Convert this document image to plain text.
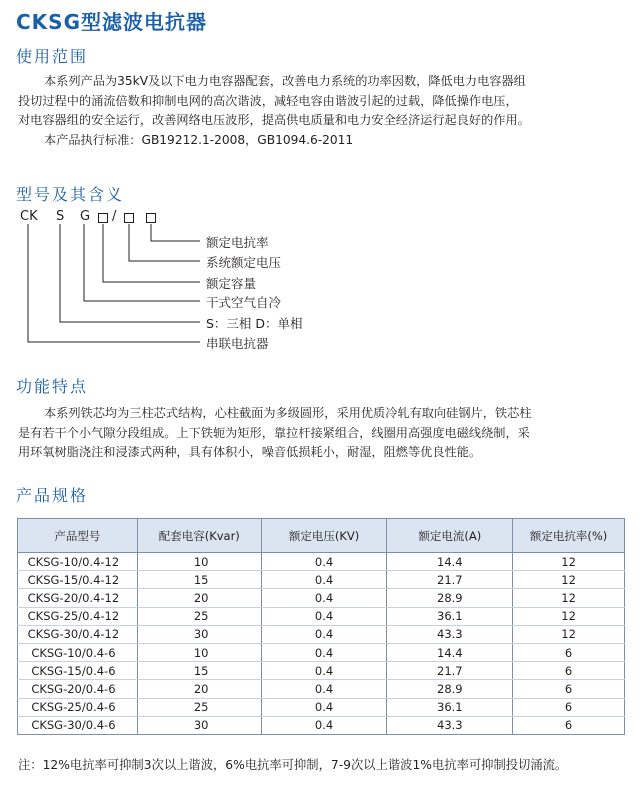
CKSG型滤波电抗器
使用范围

本系列产品为35kV及以下电力电容器配套，改善电力系统的功率因数，降低电力电容器组

投切过程中的涌流倍数和抑制电网的高次谐波，减轻电容由谐波引起的过载，降低操作电压，

对电容器组的安全运行，改善网络电压波形，提高供电质量和电力安全经济运行起良好的作用。

本产品执行标准：GB19212.1-2008，GB1094.6-2011

型号及其含义
CK S G /
额定电抗率
系统额定电压
额定容量
干式空气自冷
S：三相 D：单相
串联电抗器
功能特点

本系列铁芯均为三柱芯式结构，心柱截面为多级圆形，采用优质冷轧有取向硅钢片，铁芯柱

是有若干个小气隙分段组成。上下铁轭为矩形，靠拉杆接紧组合，线圈用高强度电磁线绕制，采

用环氧树脂浇注和浸漆式两种，具有体积小，噪音低损耗小，耐湿，阻燃等优良性能。

产品规格
产品型号	配套电容(Kvar)	额定电压(KV)	额定电流(A)	额定电抗率(%)
CKSG-10/0.4-12	10	0.4	14.4	12
CKSG-15/0.4-12	15	0.4	21.7	12
CKSG-20/0.4-12	20	0.4	28.9	12
CKSG-25/0.4-12	25	0.4	36.1	12
CKSG-30/0.4-12	30	0.4	43.3	12
CKSG-10/0.4-6	10	0.4	14.4	6
CKSG-15/0.4-6	15	0.4	21.7	6
CKSG-20/0.4-6	20	0.4	28.9	6
CKSG-25/0.4-6	25	0.4	36.1	6
CKSG-30/0.4-6	30	0.4	43.3	6
注：12%电抗率可抑制3次以上谐波，6%电抗率可抑制，7-9次以上谐波1%电抗率可抑制投切涌流。
